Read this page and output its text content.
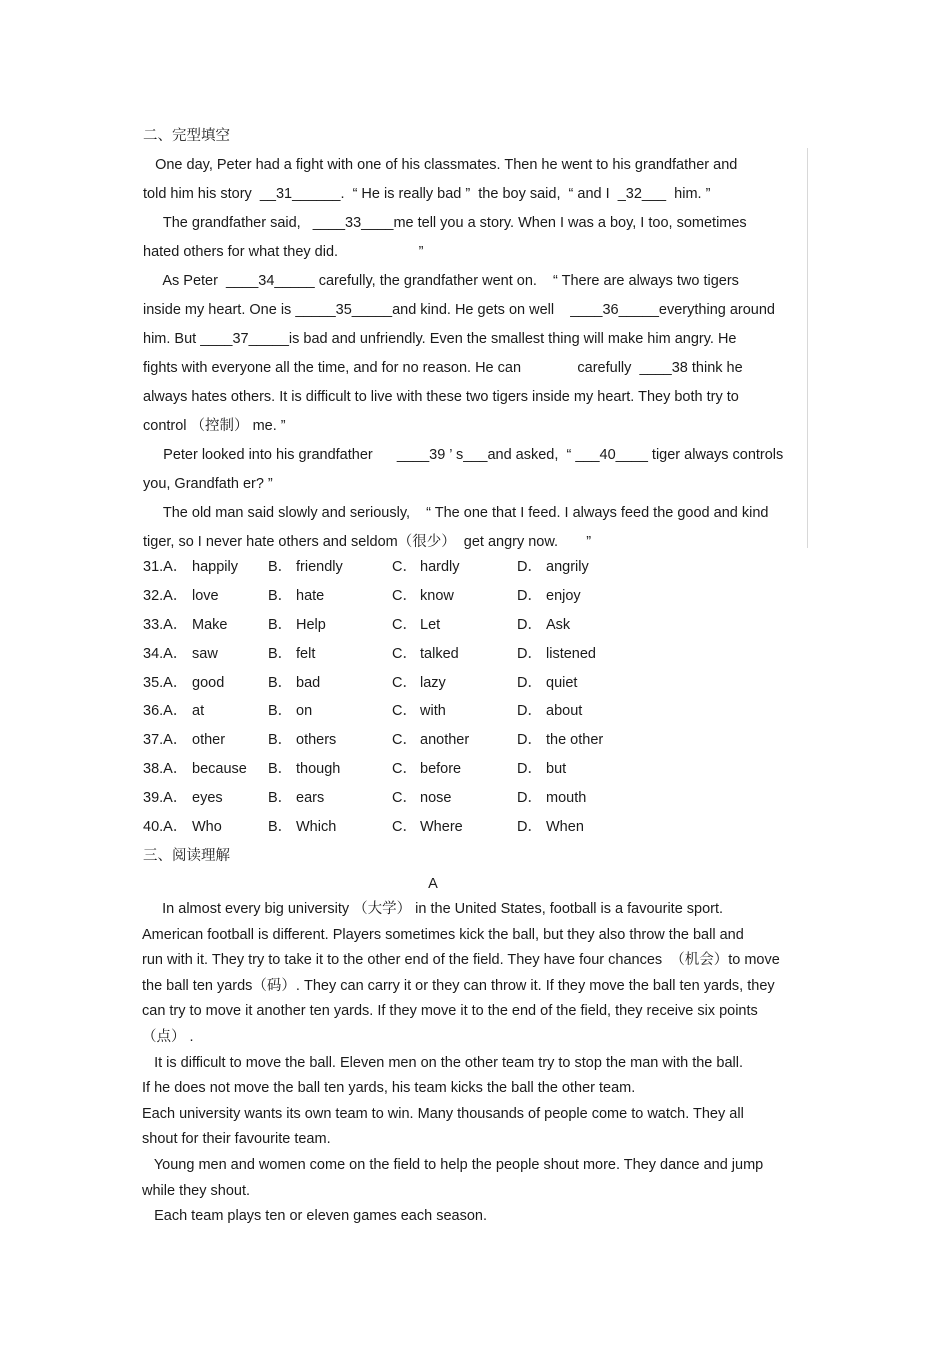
二、完型填空
One day, Peter had a fight with one of his classmates. Then he went to his grandfather and
told him his story  __31______.  “ He is really bad ”  the boy said,  “ and I  _32___  him. ”
The grandfather said,   ____33____me tell you a story. When I was a boy, I too, sometimes
hated others for what they did.                    ”
As Peter  ____34_____ carefully, the grandfather went on.    “ There are always two tigers
inside my heart. One is _____35_____and kind. He gets on well    ____36_____everything around
him. But ____37_____is bad and unfriendly. Even the smallest thing will make him angry. He
fights with everyone all the time, and for no reason. He can              carefully  ____38 think he
always hates others. It is difficult to live with these two tigers inside my heart. They both try to
control （控制） me. ”
Peter looked into his grandfather      ____39 ’ s___and asked,  “ ___40____ tiger always controls
you, Grandfath er? ”
The old man said slowly and seriously,    “ The one that I feed. I always feed the good and kind
tiger, so I never hate others and seldom（很少）  get angry now.       ”
31.A． happily B． friendly	C． hardly	D． angrily
32.A． love	B． hate	C． know	D． enjoy
33.A． Make	B． Help	C． Let	D． Ask
34.A． saw	B． felt	C． talked	D． listened
35.A． good	B． bad	C． lazy	D． quiet
36.A． at	B． on	C． with	D． about
37.A． other	B． others	C． another	D． the other
38.A． because B． though	C． before	D． but
39.A． eyes	B． ears	C． nose	D． mouth
40.A． Who	B． Which	C． Where	D． When
三、阅读理解
A
In almost every big university （大学） in the United States, football is a favourite sport.
American football is different. Players sometimes kick the ball, but they also throw the ball and
run with it. They try to take it to the other end of the field. They have four chances  （机会）to move
the ball ten yards（码）. They can carry it or they can throw it. If they move the ball ten yards, they
can try to move it another ten yards. If they move it to the end of the field, they receive six points
（点） .
It is difficult to move the ball. Eleven men on the other team try to stop the man with the ball.
If he does not move the ball ten yards, his team kicks the ball the other team.
Each university wants its own team to win. Many thousands of people come to watch. They all
shout for their favourite team.
Young men and women come on the field to help the people shout more. They dance and jump
while they shout.
Each team plays ten or eleven games each season.
